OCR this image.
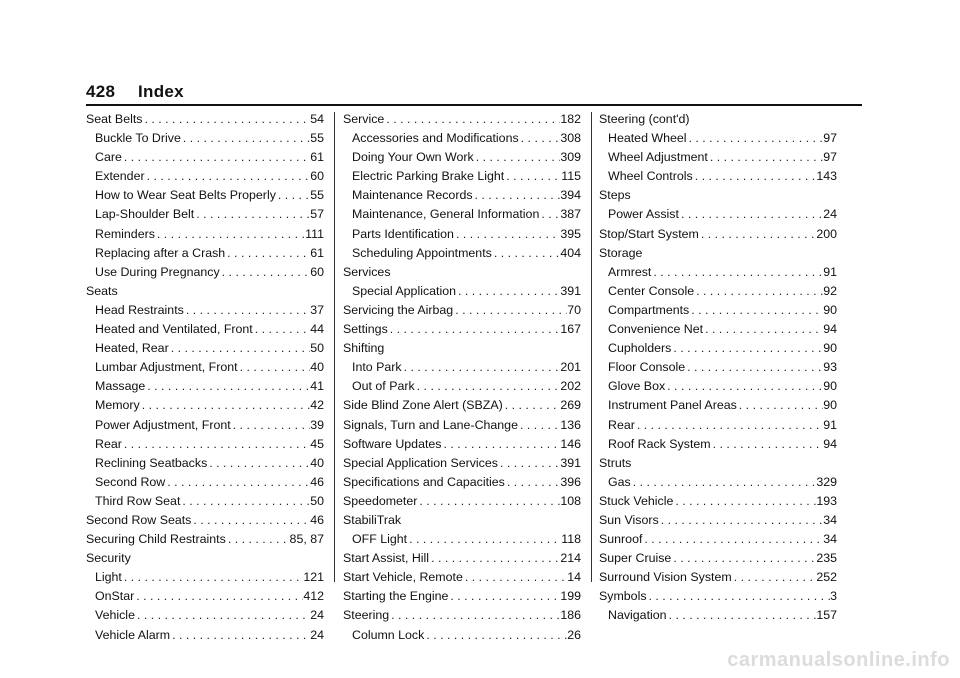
428 Index
Seat Belts . . .	54
Buckle To Drive . . .	55
Care . . .	61
Extender . . .	60
How to Wear Seat Belts Properly . . .	55
Lap-Shoulder Belt . . .	57
Reminders . . .	111
Replacing after a Crash . . .	61
Use During Pregnancy . . .	60
Seats
Head Restraints . . .	37
Heated and Ventilated, Front . . .	44
Heated, Rear . . .	50
Lumbar Adjustment, Front . . .	40
Massage . . .	41
Memory . . .	42
Power Adjustment, Front . . .	39
Rear . . .	45
Reclining Seatbacks . . .	40
Second Row . . .	46
Third Row Seat . . .	50
Second Row Seats . . .	46
Securing Child Restraints . . .	85, 87
Security
Light . . .	121
OnStar . . .	412
Vehicle . . .	24
Vehicle Alarm . . .	24
Service . . .	182
Accessories and Modifications . . .	308
Doing Your Own Work . . .	309
Electric Parking Brake Light . . .	115
Maintenance Records . . .	394
Maintenance, General Information . . . 387
Parts Identification . . .	395
Scheduling Appointments . . .	404
Services
Special Application . . .	391
Servicing the Airbag . . .	70
Settings . . .	167
Shifting
Into Park . . .	201
Out of Park . . .	202
Side Blind Zone Alert (SBZA) . . .	269
Signals, Turn and Lane-Change . . .	136
Software Updates . . .	146
Special Application Services . . .	391
Specifications and Capacities . . .	396
Speedometer . . .	108
StabiliTrak
OFF Light . . .	118
Start Assist, Hill . . .	214
Start Vehicle, Remote . . .	14
Starting the Engine . . .	199
Steering . . .	186
Column Lock . . .	26
Steering (cont'd)
Heated Wheel . . .	97
Wheel Adjustment . . .	97
Wheel Controls . . .	143
Steps
Power Assist . . .	24
Stop/Start System . . .	200
Storage
Armrest . . .	91
Center Console . . .	92
Compartments . . .	90
Convenience Net . . .	94
Cupholders . . .	90
Floor Console . . .	93
Glove Box . . .	90
Instrument Panel Areas . . .	90
Rear . . .	91
Roof Rack System . . .	94
Struts
Gas . . .	329
Stuck Vehicle . . .	193
Sun Visors . . .	34
Sunroof . . .	34
Super Cruise . . .	235
Surround Vision System . . .	252
Symbols . . .	3
Navigation . . .	157
carmanualsonline.info
